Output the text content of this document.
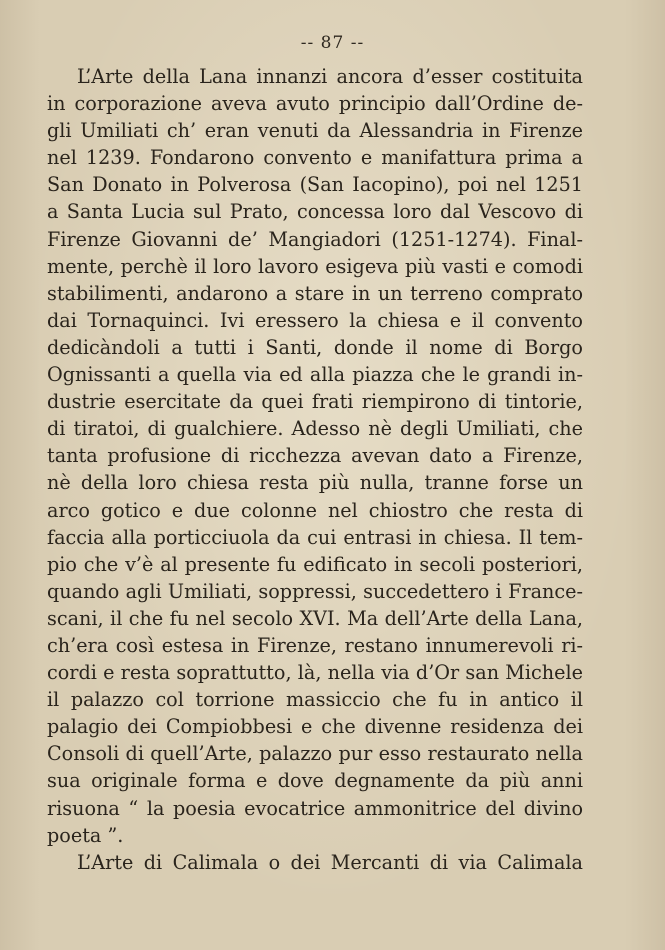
-- 87 --
L’Arte della Lana innanzi ancora d’esser costituita
in corporazione aveva avuto principio dall’Ordine de-
gli Umiliati ch’ eran venuti da Alessandria in Firenze
nel 1239. Fondarono convento e manifattura prima a
San Donato in Polverosa (San Iacopino), poi nel 1251
a Santa Lucia sul Prato, concessa loro dal Vescovo di
Firenze Giovanni de’ Mangiadori (1251-1274). Final-
mente, perchè il loro lavoro esigeva più vasti e comodi
stabilimenti, andarono a stare in un terreno comprato
dai Tornaquinci. Ivi eressero la chiesa e il convento
dedicàndoli a tutti i Santi, donde il nome di Borgo
Ognissanti a quella via ed alla piazza che le grandi in-
dustrie esercitate da quei frati riempirono di tintorie,
di tiratoi, di gualchiere. Adesso nè degli Umiliati, che
tanta profusione di ricchezza avevan dato a Firenze,
nè della loro chiesa resta più nulla, tranne forse un
arco gotico e due colonne nel chiostro che resta di
faccia alla porticciuola da cui entrasi in chiesa. Il tem-
pio che v’è al presente fu edificato in secoli posteriori,
quando agli Umiliati, soppressi, succedettero i France-
scani, il che fu nel secolo XVI. Ma dell’Arte della Lana,
ch’era così estesa in Firenze, restano innumerevoli ri-
cordi e resta soprattutto, là, nella via d’Or san Michele
il palazzo col torrione massiccio che fu in antico il
palagio dei Compiobbesi e che divenne residenza dei
Consoli di quell’Arte, palazzo pur esso restaurato nella
sua originale forma e dove degnamente da più anni
risuona “ la poesia evocatrice ammonitrice del divino
poeta ”.
L’Arte di Calimala o dei Mercanti di via Calimala
